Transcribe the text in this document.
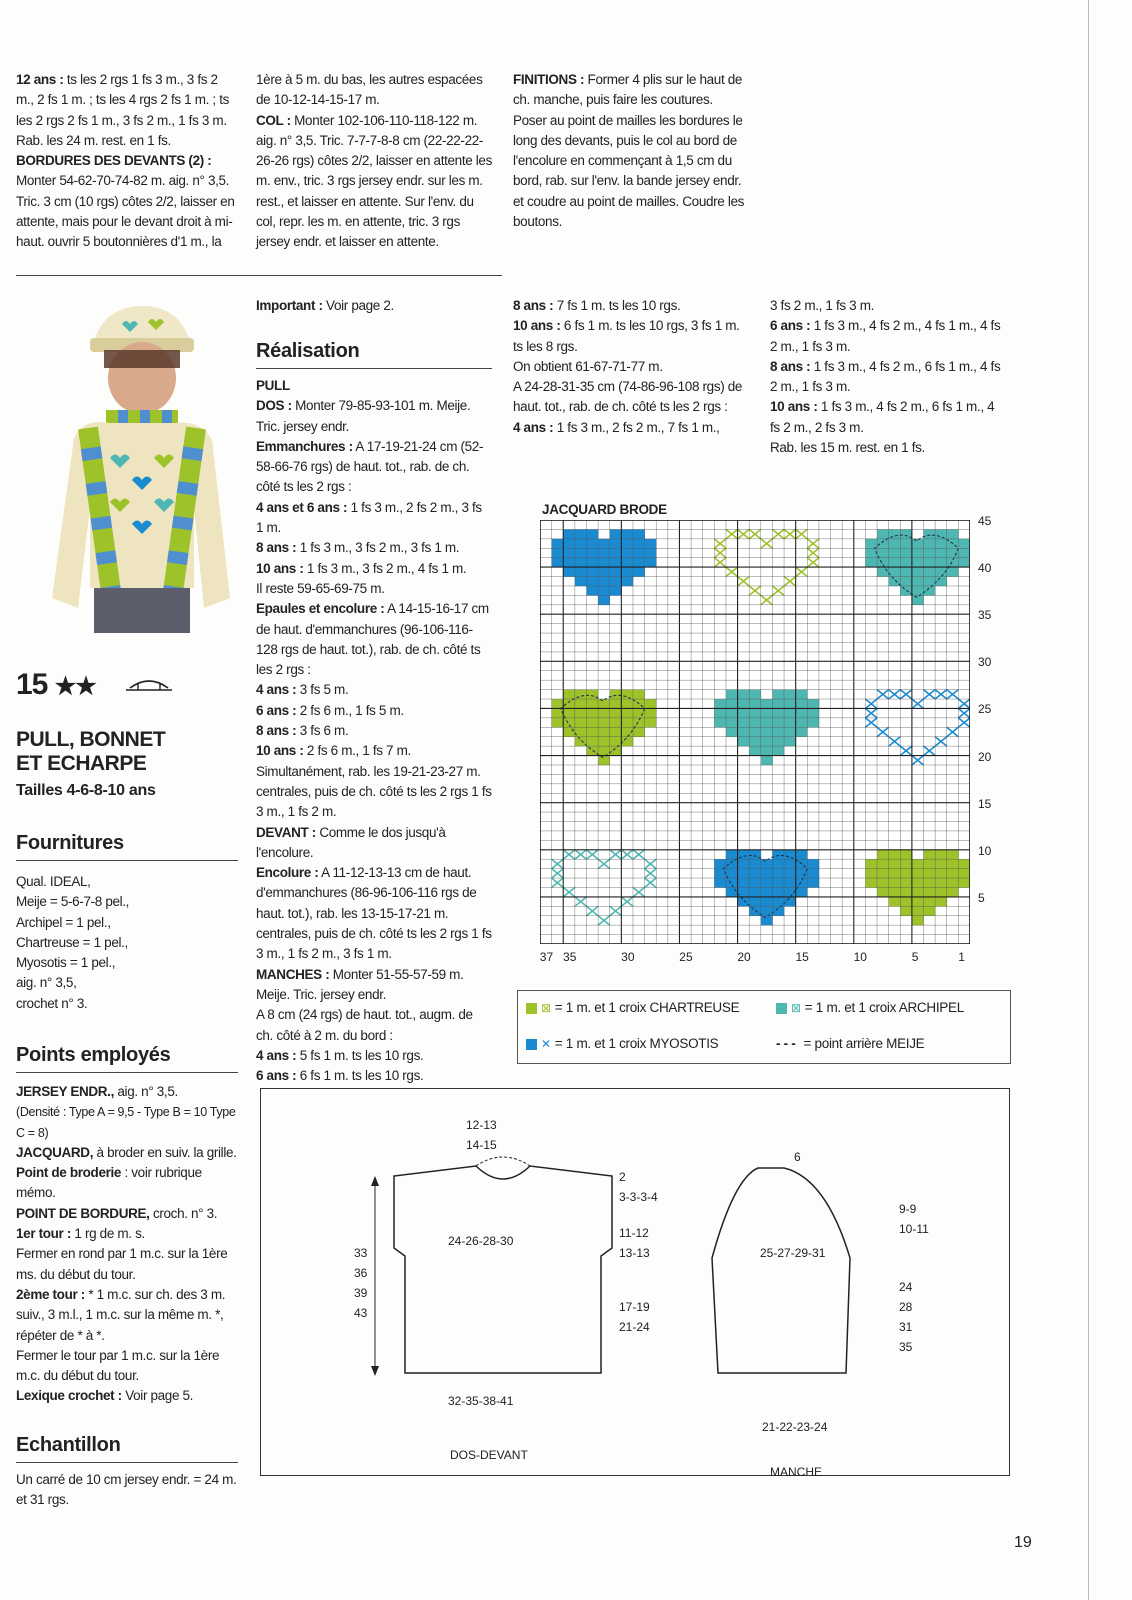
12 ans : ts les 2 rgs 1 fs 3 m., 3 fs 2 m., 2 fs 1 m. ; ts les 4 rgs 2 fs 1 m. ; ts les 2 rgs 2 fs 1 m., 3 fs 2 m., 1 fs 3 m.

Rab. les 24 m. rest. en 1 fs.

BORDURES DES DEVANTS (2) : Monter 54-62-70-74-82 m. aig. n° 3,5. Tric. 3 cm (10 rgs) côtes 2/2, laisser en attente, mais pour le devant droit à mi-haut. ouvrir 5 boutonnières d'1 m., la

1ère à 5 m. du bas, les autres espacées de 10-12-14-15-17 m.

COL : Monter 102-106-110-118-122 m. aig. n° 3,5. Tric. 7-7-7-8-8 cm (22-22-22-26-26 rgs) côtes 2/2, laisser en attente les m. env., tric. 3 rgs jersey endr. sur les m. rest., et laisser en attente. Sur l'env. du col, repr. les m. en attente, tric. 3 rgs jersey endr. et laisser en attente.

FINITIONS : Former 4 plis sur le haut de ch. manche, puis faire les coutures. Poser au point de mailles les bordures le long des devants, puis le col au bord de l'encolure en commençant à 1,5 cm du bord, rab. sur l'env. la bande jersey endr. et coudre au point de mailles. Coudre les boutons.

15 ★★
PULL, BONNET ET ECHARPE
Tailles 4-6-8-10 ans
Fournitures

Qual. IDEAL,

Meije = 5-6-7-8 pel.,

Archipel = 1 pel.,

Chartreuse = 1 pel.,

Myosotis = 1 pel.,

aig. n° 3,5,

crochet n° 3.

Points employés

JERSEY ENDR., aig. n° 3,5.

(Densité : Type A = 9,5 - Type B = 10 Type C = 8)

JACQUARD, à broder en suiv. la grille.

Point de broderie : voir rubrique mémo.

POINT DE BORDURE, croch. n° 3.

1er tour : 1 rg de m. s.

Fermer en rond par 1 m.c. sur la 1ère ms. du début du tour.

2ème tour : * 1 m.c. sur ch. des 3 m. suiv., 3 m.l., 1 m.c. sur la même m. *, répéter de * à *.

Fermer le tour par 1 m.c. sur la 1ère m.c. du début du tour.

Lexique crochet : Voir page 5.

Echantillon
Un carré de 10 cm jersey endr. = 24 m. et 31 rgs.
Important : Voir page 2.
Réalisation

PULL

DOS : Monter 79-85-93-101 m. Meije. Tric. jersey endr.

Emmanchures : A 17-19-21-24 cm (52-58-66-76 rgs) de haut. tot., rab. de ch. côté ts les 2 rgs :

4 ans et 6 ans : 1 fs 3 m., 2 fs 2 m., 3 fs 1 m.

8 ans : 1 fs 3 m., 3 fs 2 m., 3 fs 1 m.

10 ans : 1 fs 3 m., 3 fs 2 m., 4 fs 1 m.

Il reste 59-65-69-75 m.

Epaules et encolure : A 14-15-16-17 cm de haut. d'emmanchures (96-106-116-128 rgs de haut. tot.), rab. de ch. côté ts les 2 rgs :

4 ans : 3 fs 5 m.

6 ans : 2 fs 6 m., 1 fs 5 m.

8 ans : 3 fs 6 m.

10 ans : 2 fs 6 m., 1 fs 7 m.

Simultanément, rab. les 19-21-23-27 m. centrales, puis de ch. côté ts les 2 rgs 1 fs 3 m., 1 fs 2 m.

DEVANT : Comme le dos jusqu'à l'encolure.

Encolure : A 11-12-13-13 cm de haut. d'emmanchures (86-96-106-116 rgs de haut. tot.), rab. les 13-15-17-21 m. centrales, puis de ch. côté ts les 2 rgs 1 fs 3 m., 1 fs 2 m., 3 fs 1 m.

MANCHES : Monter 51-55-57-59 m. Meije. Tric. jersey endr.

A 8 cm (24 rgs) de haut. tot., augm. de ch. côté à 2 m. du bord :

4 ans : 5 fs 1 m. ts les 10 rgs.

6 ans : 6 fs 1 m. ts les 10 rgs.

8 ans : 7 fs 1 m. ts les 10 rgs.

10 ans : 6 fs 1 m. ts les 10 rgs, 3 fs 1 m. ts les 8 rgs.

On obtient 61-67-71-77 m.

A 24-28-31-35 cm (74-86-96-108 rgs) de haut. tot., rab. de ch. côté ts les 2 rgs :

4 ans : 1 fs 3 m., 2 fs 2 m., 7 fs 1 m.,

3 fs 2 m., 1 fs 3 m.

6 ans : 1 fs 3 m., 4 fs 2 m., 4 fs 1 m., 4 fs 2 m., 1 fs 3 m.

8 ans : 1 fs 3 m., 4 fs 2 m., 6 fs 1 m., 4 fs 2 m., 1 fs 3 m.

10 ans : 1 fs 3 m., 4 fs 2 m., 6 fs 1 m., 4 fs 2 m., 2 fs 3 m.

Rab. les 15 m. rest. en 1 fs.

JACQUARD BRODE
45
40
35
30
25
20
15
10
5
37 35	30	25	20	15	10	5	1
⊠ = 1 m. et 1 croix CHARTREUSE	⊠ = 1 m. et 1 croix ARCHIPEL
✕ = 1 m. et 1 croix MYOSOTIS	- - - = point arrière MEIJE
12-13
14-15
2
3-3-3-4
11-12
13-13
24-26-28-30
33
36
39
43	17-19
21-24
32-35-38-41
DOS-DEVANT
6
9-9
10-11
25-27-29-31
24
28
31
35
21-22-23-24
MANCHE
19
